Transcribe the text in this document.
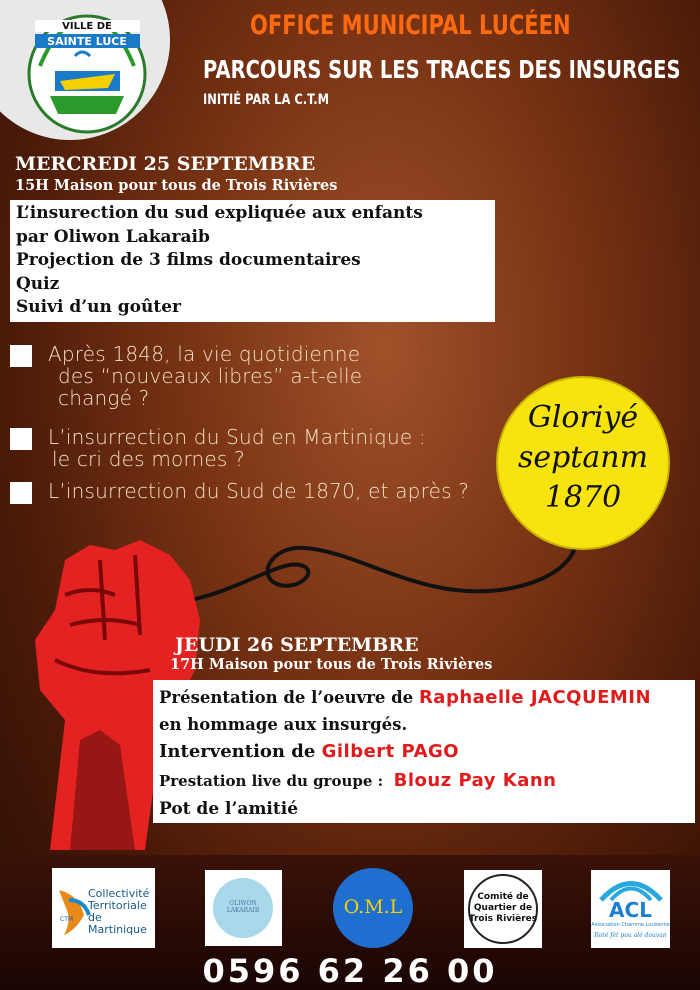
VILLE DE
SAINTE LUCE
OFFICE MUNICIPAL LUCÉEN
PARCOURS SUR LES TRACES DES INSURGES
INITIÉ PAR LA C.T.M
MERCREDI 25 SEPTEMBRE
15H Maison pour tous de Trois Rivières
L’insurection du sud expliquée aux enfants
par Oliwon Lakaraib
Projection de 3 films documentaires
Quiz
Suivi d’un goûter
Après 1848, la vie quotidienne
des “nouveaux libres” a-t-elle
changé ?
L’insurrection du Sud en Martinique :
le cri des mornes ?
L’insurrection du Sud de 1870, et après ?
Gloriyé
septanm
1870
JEUDI 26 SEPTEMBRE
17H Maison pour tous de Trois Rivières
Présentation de l’oeuvre de Raphaelle JACQUEMIN
en hommage aux insurgés.
Intervention de Gilbert PAGO
Prestation live du groupe : Blouz Pay Kann
Pot de l’amitié
CTM
Collectivité
Territoriale
de Martinique
OLIWON LAKARAIB	O.M.L	Comité de
Quartier de
Trois Rivières	ACL
Association Chamme Lucéenne
Roté fèt pou alé douvan
0596 62 26 00
